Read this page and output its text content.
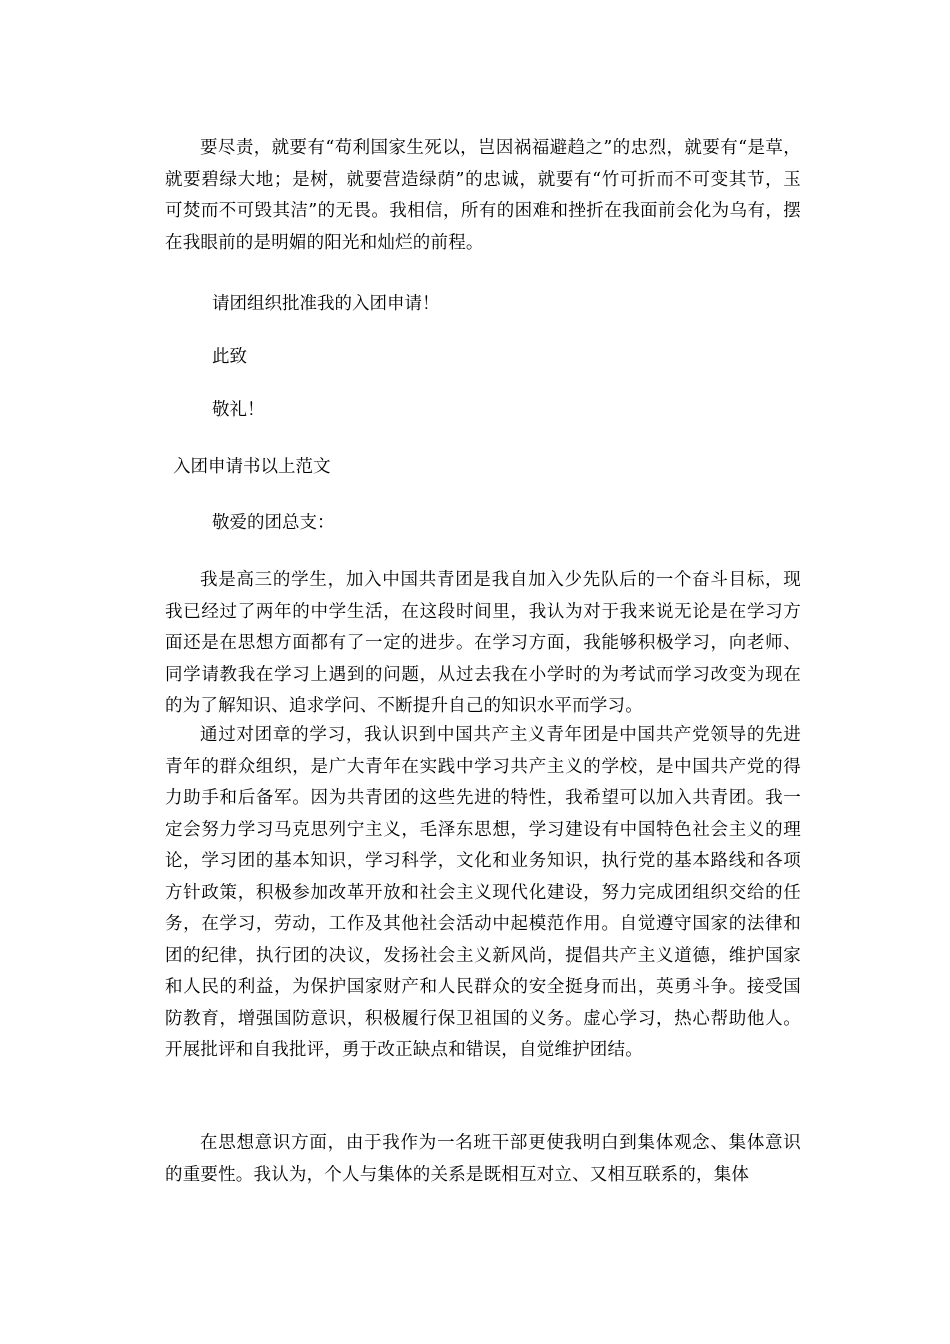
要尽责，就要有“苟利国家生死以，岂因祸福避趋之”的忠烈，就要有“是草，就要碧绿大地；是树，就要营造绿荫”的忠诚，就要有“竹可折而不可变其节，玉可焚而不可毁其洁”的无畏。我相信，所有的困难和挫折在我面前会化为乌有，摆在我眼前的是明媚的阳光和灿烂的前程。

请团组织批准我的入团申请！

此致

敬礼！

入团申请书以上范文

敬爱的团总支：

我是高三的学生，加入中国共青团是我自加入少先队后的一个奋斗目标，现我已经过了两年的中学生活，在这段时间里，我认为对于我来说无论是在学习方面还是在思想方面都有了一定的进步。在学习方面，我能够积极学习，向老师、同学请教我在学习上遇到的问题，从过去我在小学时的为考试而学习改变为现在的为了解知识、追求学问、不断提升自己的知识水平而学习。

通过对团章的学习，我认识到中国共产主义青年团是中国共产党领导的先进青年的群众组织，是广大青年在实践中学习共产主义的学校，是中国共产党的得力助手和后备军。因为共青团的这些先进的特性，我希望可以加入共青团。我一定会努力学习马克思列宁主义，毛泽东思想，学习建设有中国特色社会主义的理论，学习团的基本知识，学习科学，文化和业务知识，执行党的基本路线和各项方针政策，积极参加改革开放和社会主义现代化建设，努力完成团组织交给的任务，在学习，劳动，工作及其他社会活动中起模范作用。自觉遵守国家的法律和团的纪律，执行团的决议，发扬社会主义新风尚，提倡共产主义道德，维护国家和人民的利益，为保护国家财产和人民群众的安全挺身而出，英勇斗争。接受国防教育，增强国防意识，积极履行保卫祖国的义务。虚心学习，热心帮助他人。开展批评和自我批评，勇于改正缺点和错误，自觉维护团结。

在思想意识方面，由于我作为一名班干部更使我明白到集体观念、集体意识的重要性。我认为，个人与集体的关系是既相互对立、又相互联系的，集体
